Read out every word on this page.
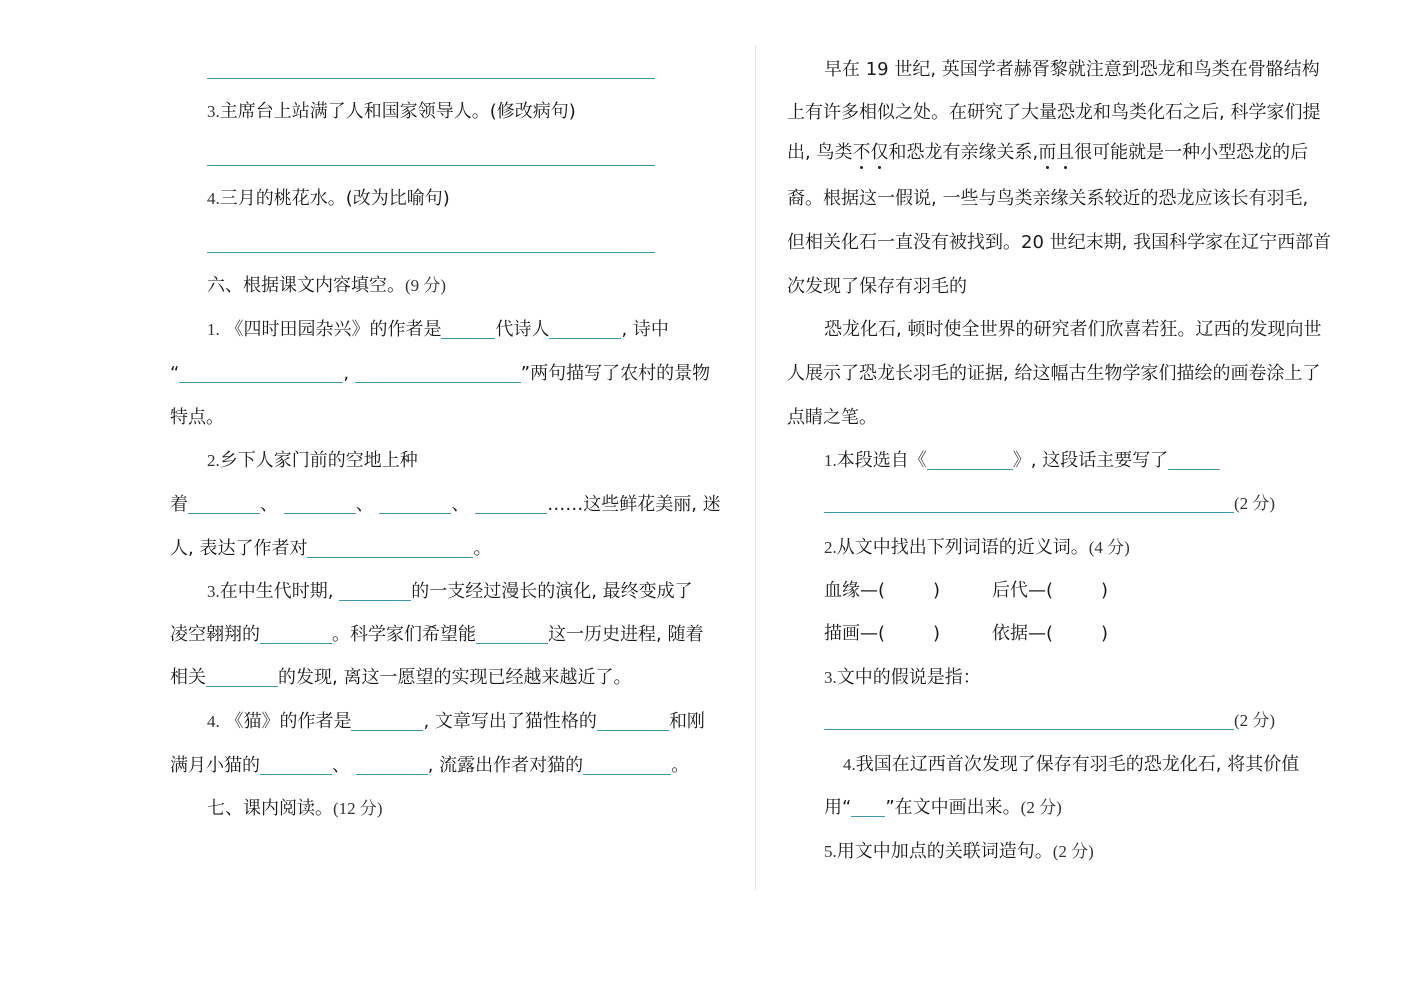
3.主席台上站满了人和国家领导人。(修改病句)
4.三月的桃花水。(改为比喻句)
六、根据课文内容填空。(9 分)
1. 《四时田园杂兴》的作者是	代诗人	, 诗中
“	,	”两句描写了农村的景物
特点。
2.乡下人家门前的空地上种
着	、	、	、	……这些鲜花美丽, 迷
人, 表达了作者对	。
3.在中生代时期,	的一支经过漫长的演化, 最终变成了
凌空翱翔的	。科学家们希望能	这一历史进程, 随着
相关	的发现, 离这一愿望的实现已经越来越近了。
4. 《猫》的作者是	, 文章写出了猫性格的	和刚
满月小猫的	、	, 流露出作者对猫的	。
七、课内阅读。(12 分)
早在 19 世纪, 英国学者赫胥黎就注意到恐龙和鸟类在骨骼结构
上有许多相似之处。在研究了大量恐龙和鸟类化石之后, 科学家们提
出, 鸟类不仅和恐龙有亲缘关系,而且很可能就是一种小型恐龙的后
裔。根据这一假说, 一些与鸟类亲缘关系较近的恐龙应该长有羽毛,
但相关化石一直没有被找到。20 世纪末期, 我国科学家在辽宁西部首
次发现了保存有羽毛的
恐龙化石, 顿时使全世界的研究者们欣喜若狂。辽西的发现向世
人展示了恐龙长羽毛的证据, 给这幅古生物学家们描绘的画卷涂上了
点睛之笔。
1.本段选自《	》, 这段话主要写了
(2 分)
2.从文中找出下列词语的近义词。(4 分)
血缘—(	)	后代—(	)
描画—(	)	依据—(	)
3.文中的假说是指：
(2 分)
4.我国在辽西首次发现了保存有羽毛的恐龙化石, 将其价值
用“ ”在文中画出来。(2 分)
5.用文中加点的关联词造句。(2 分)
